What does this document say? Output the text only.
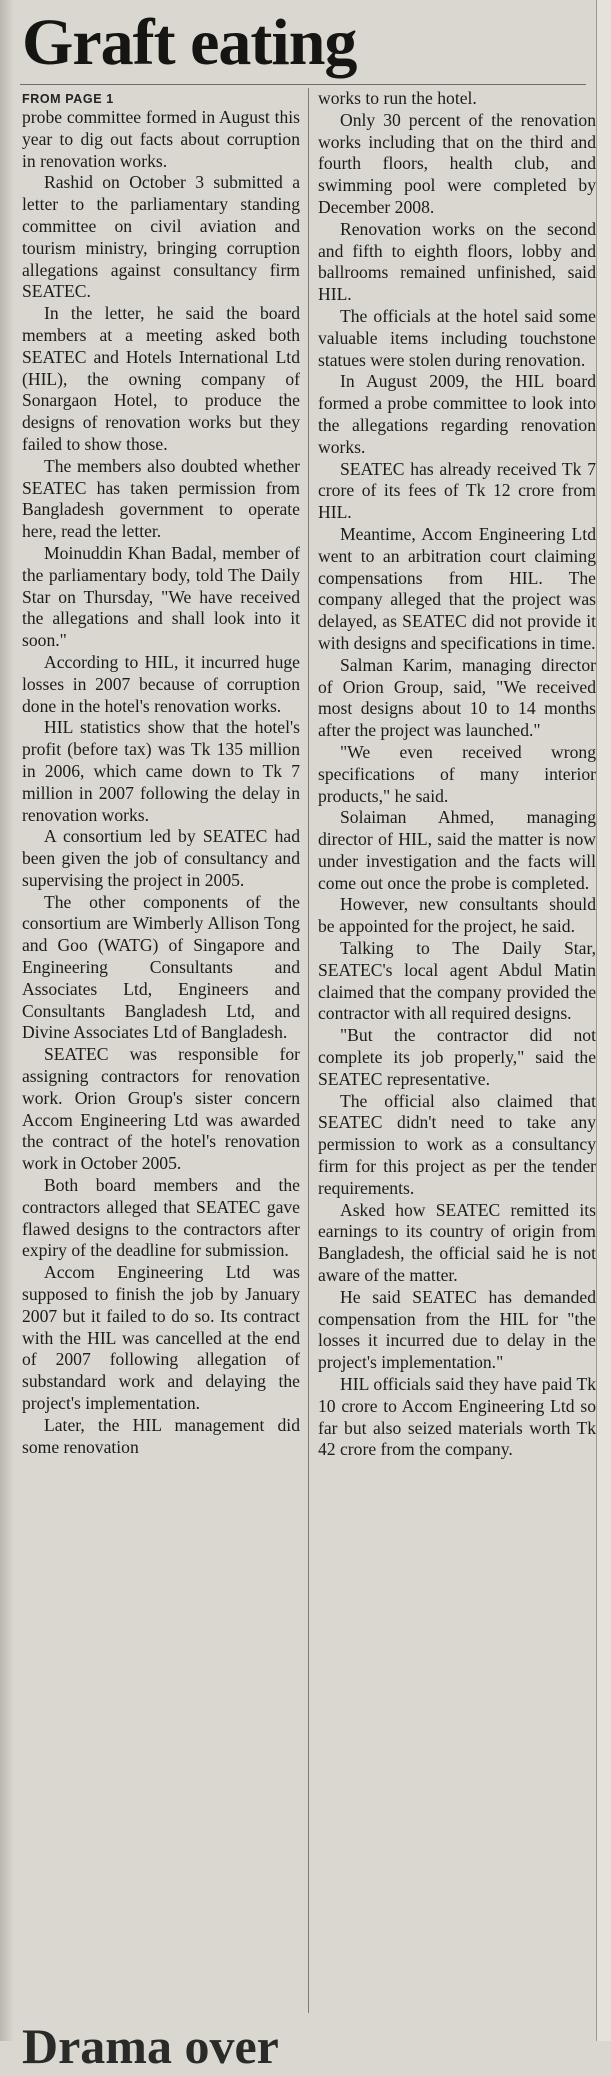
Graft eating
FROM PAGE 1

probe committee formed in August this year to dig out facts about corruption in renovation works.

Rashid on October 3 submitted a letter to the parliamentary standing committee on civil aviation and tourism ministry, bringing corruption allegations against consultancy firm SEATEC.

In the letter, he said the board members at a meeting asked both SEATEC and Hotels International Ltd (HIL), the owning company of Sonargaon Hotel, to produce the designs of renovation works but they failed to show those.

The members also doubted whether SEATEC has taken permission from Bangladesh government to operate here, read the letter.

Moinuddin Khan Badal, member of the parliamentary body, told The Daily Star on Thursday, "We have received the allegations and shall look into it soon."

According to HIL, it incurred huge losses in 2007 because of corruption done in the hotel's renovation works.

HIL statistics show that the hotel's profit (before tax) was Tk 135 million in 2006, which came down to Tk 7 million in 2007 following the delay in renovation works.

A consortium led by SEATEC had been given the job of consultancy and supervising the project in 2005.

The other components of the consortium are Wimberly Allison Tong and Goo (WATG) of Singapore and Engineering Consultants and Associates Ltd, Engineers and Consultants Bangladesh Ltd, and Divine Associates Ltd of Bangladesh.

SEATEC was responsible for assigning contractors for renovation work. Orion Group's sister concern Accom Engineering Ltd was awarded the contract of the hotel's renovation work in October 2005.

Both board members and the contractors alleged that SEATEC gave flawed designs to the contractors after expiry of the deadline for submission.

Accom Engineering Ltd was supposed to finish the job by January 2007 but it failed to do so. Its contract with the HIL was cancelled at the end of 2007 following allegation of substandard work and delaying the project's implementation.

Later, the HIL management did some renovation

works to run the hotel.

Only 30 percent of the renovation works including that on the third and fourth floors, health club, and swimming pool were completed by December 2008.

Renovation works on the second and fifth to eighth floors, lobby and ballrooms remained unfinished, said HIL.

The officials at the hotel said some valuable items including touchstone statues were stolen during renovation.

In August 2009, the HIL board formed a probe committee to look into the allegations regarding renovation works.

SEATEC has already received Tk 7 crore of its fees of Tk 12 crore from HIL.

Meantime, Accom Engineering Ltd went to an arbitration court claiming compensations from HIL. The company alleged that the project was delayed, as SEATEC did not provide it with designs and specifications in time.

Salman Karim, managing director of Orion Group, said, "We received most designs about 10 to 14 months after the project was launched."

"We even received wrong specifications of many interior products," he said.

Solaiman Ahmed, managing director of HIL, said the matter is now under investigation and the facts will come out once the probe is completed.

However, new consultants should be appointed for the project, he said.

Talking to The Daily Star, SEATEC's local agent Abdul Matin claimed that the company provided the contractor with all required designs.

"But the contractor did not complete its job properly," said the SEATEC representative.

The official also claimed that SEATEC didn't need to take any permission to work as a consultancy firm for this project as per the tender requirements.

Asked how SEATEC remitted its earnings to its country of origin from Bangladesh, the official said he is not aware of the matter.

He said SEATEC has demanded compensation from the HIL for "the losses it incurred due to delay in the project's implementation."

HIL officials said they have paid Tk 10 crore to Accom Engineering Ltd so far but also seized materials worth Tk 42 crore from the company.

Drama over
